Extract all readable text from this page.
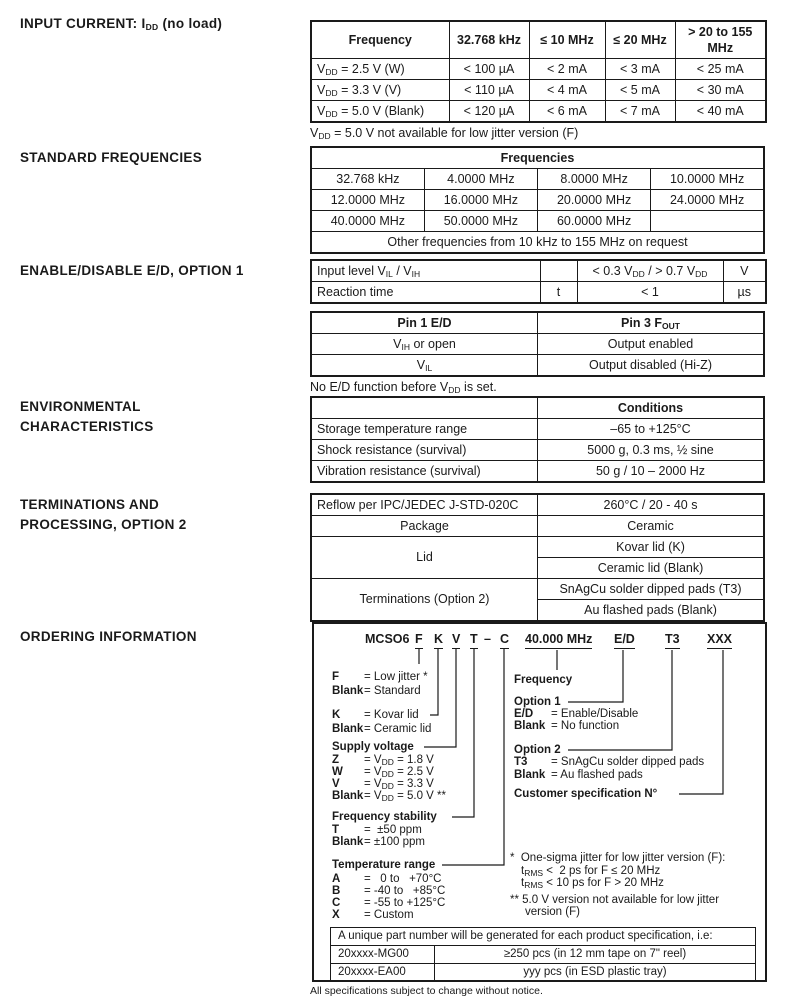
INPUT CURRENT: $I_{DD}$ (no load)
Frequency	32.768 kHz	≤ 10 MHz	≤ 20 MHz	> 20 to 155 MHz
$V_{DD} = 2.5$ V (W)	< 100 µA	< 2 mA	< 3 mA	< 25 mA
$V_{DD} = 3.3$ V (V)	< 110 µA	< 4 mA	< 5 mA	< 30 mA
$V_{DD} = 5.0$ V (Blank)	< 120 µA	< 6 mA	< 7 mA	< 40 mA
$V_{DD} = 5.0$ V not available for low jitter version (F)
STANDARD FREQUENCIES	Frequencies			
32.768 kHz	4.0000 MHz	8.0000 MHz	10.0000 MHz
12.0000 MHz	16.0000 MHz	20.0000 MHz	24.0000 MHz
40.0000 MHz	50.0000 MHz	60.0000 MHz	
Other frequencies from 10 kHz to 155 MHz on request			
ENABLE/DISABLE E/D, OPTION 1	Input level $V_{IL} / V_{IH}$		< 0.3 $V_{DD}$ / > 0.7 $V_{DD}$	V
Reaction time	t	< 1	µs
Pin 1 E/D	Pin 3 $F_{OUT}$
$V_{IH}$ or open	Output enabled
$V_{IL}$	Output disabled (Hi-Z)
No E/D function before $V_{DD}$ is set.
ENVIRONMENTAL
CHARACTERISTICS
	Conditions
Storage temperature range	–65 to +125°C
Shock resistance (survival)	5000 g, 0.3 ms, ½ sine
Vibration resistance (survival)	50 g / 10 – 2000 Hz
TERMINATIONS AND
PROCESSING, OPTION 2
Reflow per IPC/JEDEC J-STD-020C	260°C / 20 - 40 s
Package	Ceramic
Lid	Kovar lid (K)
	Ceramic lid (Blank)
Terminations (Option 2)	SnAgCu solder dipped pads (T3)
	Au flashed pads (Blank)
ORDERING INFORMATION	MCSO6 F K V T – C 40.000 MHz E/D T3 XXX
F = Low jitter *
Blank= Standard
K = Kovar lid
Blank= Ceramic lid
Supply voltage
$Z = V_{DD} = 1.8$ V
$W = V_{DD} = 2.5$ V
$V = V_{DD} = 3.3$ V
Blank= $V_{DD} = 5.0$ V **
Frequency stability
T =  ±50 ppm
Blank= ±100 ppm
Temperature range
A =   0 to   +70°C
B = -40 to   +85°C
C = -55 to +125°C
X = Custom
Frequency
Option 1
E/D = Enable/Disable
Blank = No function
Option 2
T3 = SnAgCu solder dipped pads
Blank = Au flashed pads
Customer specification N°
*  One-sigma jitter for low jitter version (F):
$t_{RMS} < 2$ ps for F ≤ 20 MHz
$t_{RMS} < 10$ ps for F > 20 MHz
** 5.0 V version not available for low jitter
version (F)
A unique part number will be generated for each product specification, i.e:	
20xxxx-MG00	≥250 pcs (in 12 mm tape on 7" reel)
20xxxx-EA00	yyy pcs (in ESD plastic tray)
All specifications subject to change without notice.
